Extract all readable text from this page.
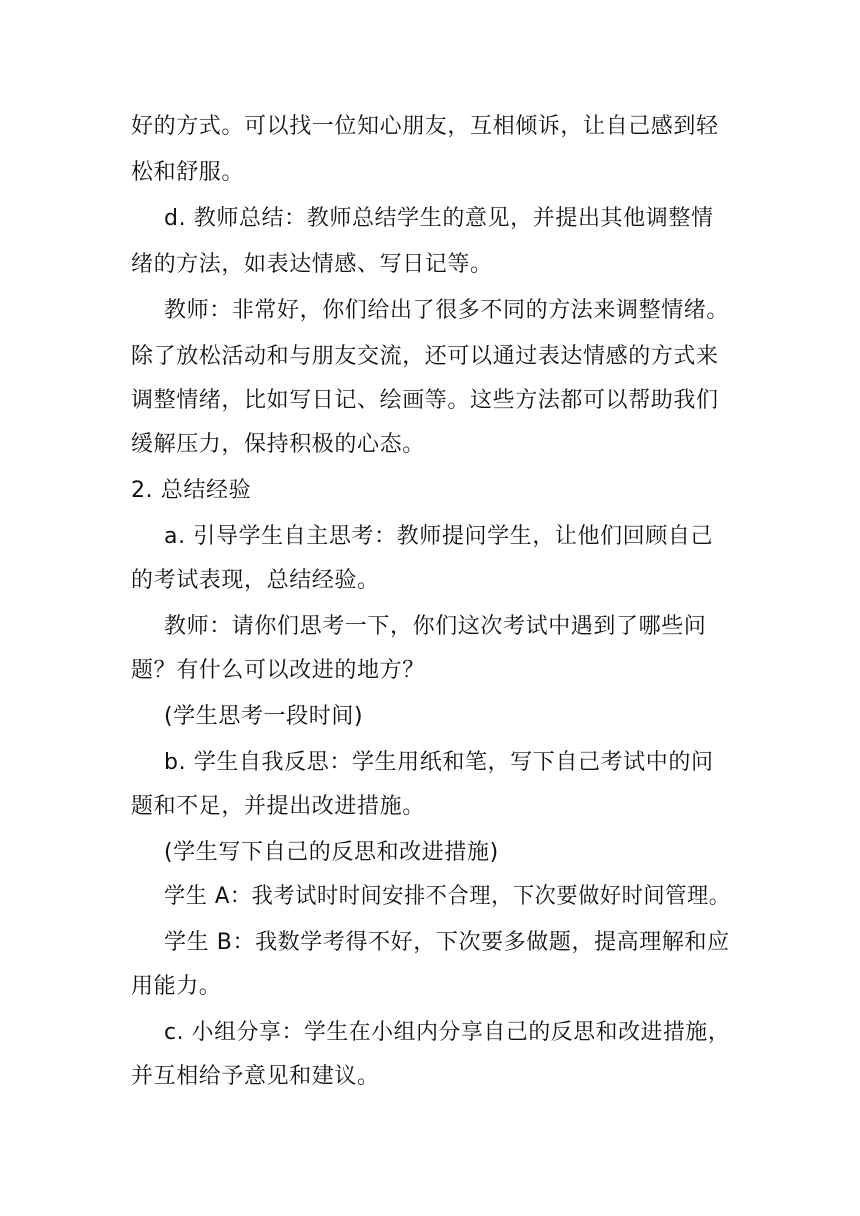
好的方式。可以找一位知心朋友，互相倾诉，让自己感到轻
松和舒服。
d. 教师总结：教师总结学生的意见，并提出其他调整情
绪的方法，如表达情感、写日记等。
教师：非常好，你们给出了很多不同的方法来调整情绪。
除了放松活动和与朋友交流，还可以通过表达情感的方式来
调整情绪，比如写日记、绘画等。这些方法都可以帮助我们
缓解压力，保持积极的心态。
2. 总结经验
a. 引导学生自主思考：教师提问学生，让他们回顾自己
的考试表现，总结经验。
教师：请你们思考一下，你们这次考试中遇到了哪些问
题？有什么可以改进的地方？
(学生思考一段时间)
b. 学生自我反思：学生用纸和笔，写下自己考试中的问
题和不足，并提出改进措施。
(学生写下自己的反思和改进措施)
学生 A：我考试时时间安排不合理，下次要做好时间管理。
学生 B：我数学考得不好，下次要多做题，提高理解和应
用能力。
c. 小组分享：学生在小组内分享自己的反思和改进措施，
并互相给予意见和建议。
